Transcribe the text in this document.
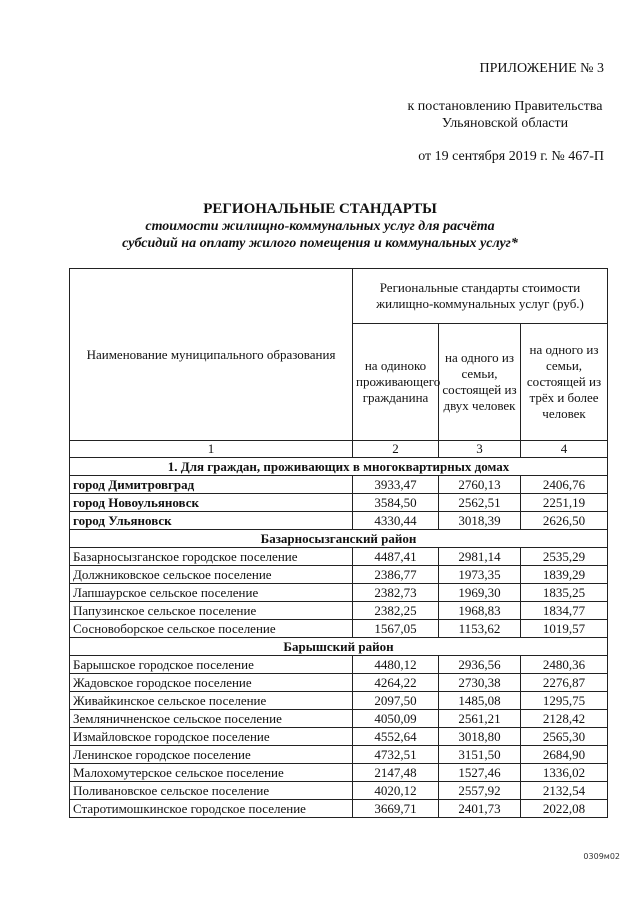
ПРИЛОЖЕНИЕ № 3
к постановлению Правительства
Ульяновской области
от 19 сентября 2019 г. № 467-П
РЕГИОНАЛЬНЫЕ СТАНДАРТЫ
стоимости жилищно-коммунальных услуг для расчёта
субсидий на оплату жилого помещения и коммунальных услуг*
Наименование муниципального образования	Региональные стандарты стоимости жилищно-коммунальных услуг (руб.)		
	на одиноко проживающего гражданина	на одного из семьи, состоящей из двух человек	на одного из семьи, состоящей из трёх и более человек
1	2	3	4
1. Для граждан, проживающих в многоквартирных домах			
город Димитровград	3933,47	2760,13	2406,76
город Новоульяновск	3584,50	2562,51	2251,19
город Ульяновск	4330,44	3018,39	2626,50
Базарносызганский район			
Базарносызганское городское поселение	4487,41	2981,14	2535,29
Должниковское сельское поселение	2386,77	1973,35	1839,29
Лапшаурское сельское поселение	2382,73	1969,30	1835,25
Папузинское сельское поселение	2382,25	1968,83	1834,77
Сосновоборское сельское поселение	1567,05	1153,62	1019,57
Барышский район			
Барышское городское поселение	4480,12	2936,56	2480,36
Жадовское городское поселение	4264,22	2730,38	2276,87
Живайкинское сельское поселение	2097,50	1485,08	1295,75
Земляничненское сельское поселение	4050,09	2561,21	2128,42
Измайловское городское поселение	4552,64	3018,80	2565,30
Ленинское городское поселение	4732,51	3151,50	2684,90
Малохомутерское сельское поселение	2147,48	1527,46	1336,02
Поливановское сельское поселение	4020,12	2557,92	2132,54
Старотимошкинское городское поселение	3669,71	2401,73	2022,08
0309м02
